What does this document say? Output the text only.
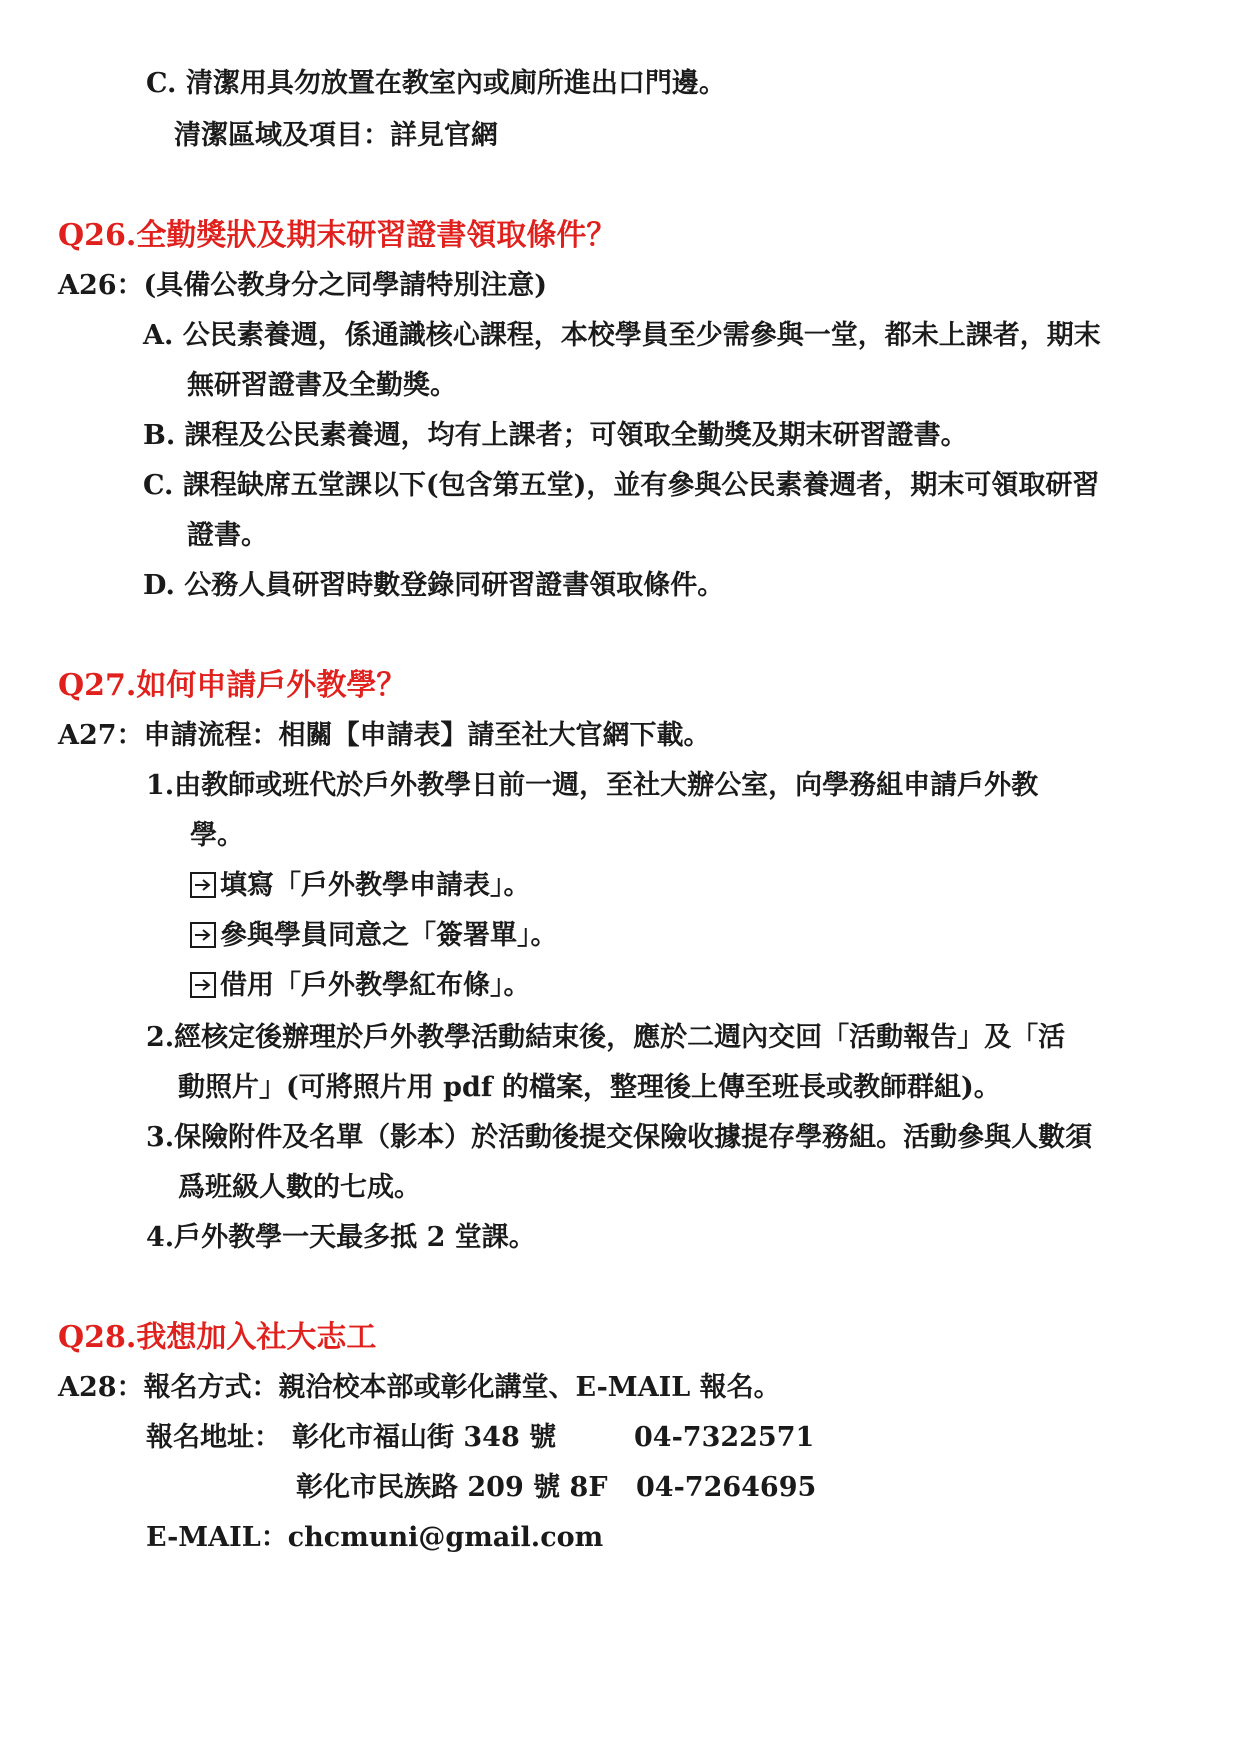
C. 清潔用具勿放置在教室內或廁所進出口門邊。
清潔區域及項目：詳見官網
Q26.全勤獎狀及期末研習證書領取條件？
A26：(具備公教身分之同學請特別注意)
A. 公民素養週，係通識核心課程，本校學員至少需參與一堂，都未上課者，期末
無研習證書及全勤獎。
B. 課程及公民素養週，均有上課者；可領取全勤獎及期末研習證書。
C. 課程缺席五堂課以下(包含第五堂)，並有參與公民素養週者，期末可領取研習
證書。
D. 公務人員研習時數登錄同研習證書領取條件。
Q27.如何申請戶外教學？
A27：申請流程：相關【申請表】請至社大官網下載。
1.由教師或班代於戶外教學日前一週，至社大辦公室，向學務組申請戶外教
學。
填寫「戶外教學申請表」。
參與學員同意之「簽署單」。
借用「戶外教學紅布條」。
2.經核定後辦理於戶外教學活動結束後，應於二週內交回「活動報告」及「活
動照片」(可將照片用 pdf 的檔案，整理後上傳至班長或教師群組)。
3.保險附件及名單（影本）於活動後提交保險收據提存學務組。活動參與人數須
爲班級人數的七成。
4.戶外教學一天最多抵 2 堂課。
Q28.我想加入社大志工
A28：報名方式：親洽校本部或彰化講堂、E-MAIL 報名。
報名地址： 彰化市福山街 348 號	04-7322571
彰化市民族路 209 號 8F 04-7264695
E-MAIL：chcmuni@gmail.com
